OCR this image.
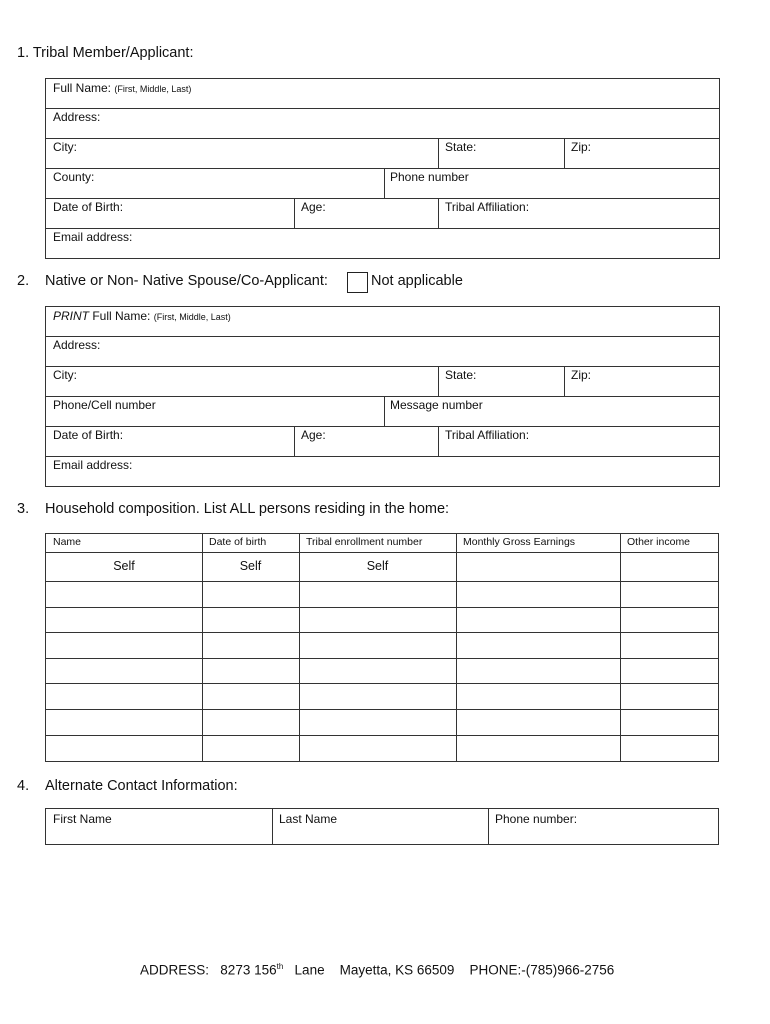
1. Tribal Member/Applicant:
Full Name: (First, Middle, Last)
Address:
City:	State:	Zip:
County:	Phone number
Date of Birth:	Age:	Tribal Affiliation:
Email address:
2. Native or Non- Native Spouse/Co-Applicant:	Not applicable
PRINT Full Name: (First, Middle, Last)
Address:
City:	State:	Zip:
Phone/Cell number	Message number
Date of Birth:	Age:	Tribal Affiliation:
Email address:
3. Household composition. List ALL persons residing in the home:
Name	Date of birth	Tribal enrollment number	Monthly Gross Earnings	Other income
Self	Self	Self
4. Alternate Contact Information:
First Name	Last Name	Phone number:
ADDRESS: 8273 156th Lane Mayetta, KS 66509 PHONE:-(785)966-2756
